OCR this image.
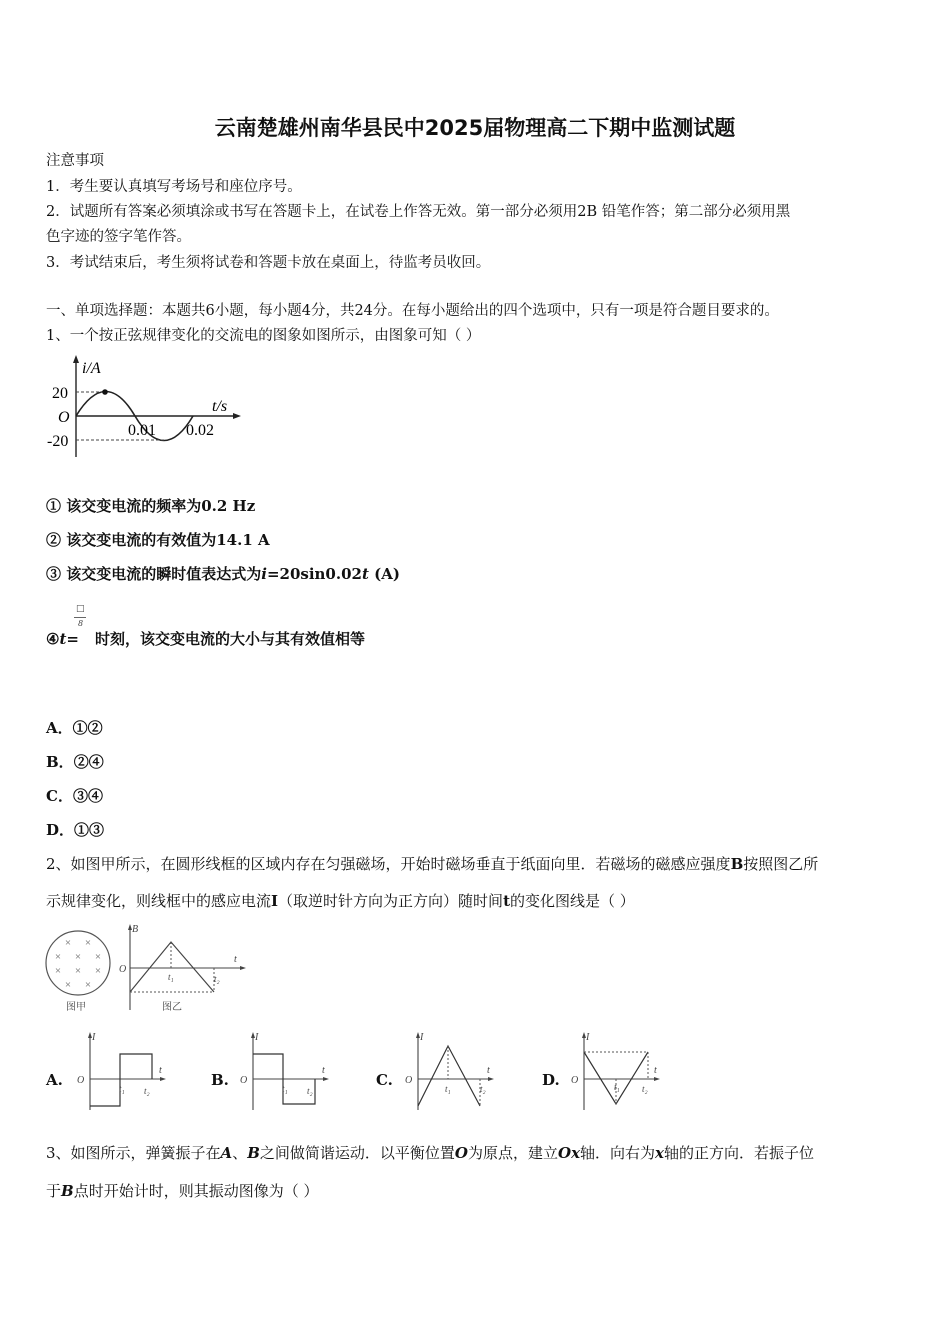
云南楚雄州南华县民中2025届物理高二下期中监测试题
注意事项
1．考生要认真填写考场号和座位序号。
2．试题所有答案必须填涂或书写在答题卡上，在试卷上作答无效。第一部分必须用2B 铅笔作答；第二部分必须用黑
色字迹的签字笔作答。
3．考试结束后，考生须将试卷和答题卡放在桌面上，待监考员收回。
一、单项选择题：本题共6小题，每小题4分，共24分。在每小题给出的四个选项中，只有一项是符合题目要求的。
1、一个按正弦规律变化的交流电的图象如图所示，由图象可知（ ）
i/A
t/s
20
-20
O
0.01 0.02
① 该交变电流的频率为0.2 Hz
② 该交变电流的有效值为14.1 A
③ 该交变电流的瞬时值表达式为i=20sin0.02t (A)
□
8
④t= 时刻，该交变电流的大小与其有效值相等
A．①②
B．②④
C．③④
D．①③
2、如图甲所示，在圆形线框的区域内存在匀强磁场，开始时磁场垂直于纸面向里．若磁场的磁感应强度B按照图乙所
示规律变化，则线框中的感应电流I（取逆时针方向为正方向）随时间t的变化图线是（ ）
× ×
× × ×
× × ×
× ×
图甲
B
O
t
t₁	t₂
图乙
A.
I
O
t
t₁ t₂
B.
I
O
t
t₁ t₂
C.
I
O
t
t₁	t₂	D.
I
O
t
t₁ t₂
3、如图所示，弹簧振子在A、B之间做简谐运动．以平衡位置O为原点，建立Ox轴．向右为x轴的正方向．若振子位
于B点时开始计时，则其振动图像为（ ）
